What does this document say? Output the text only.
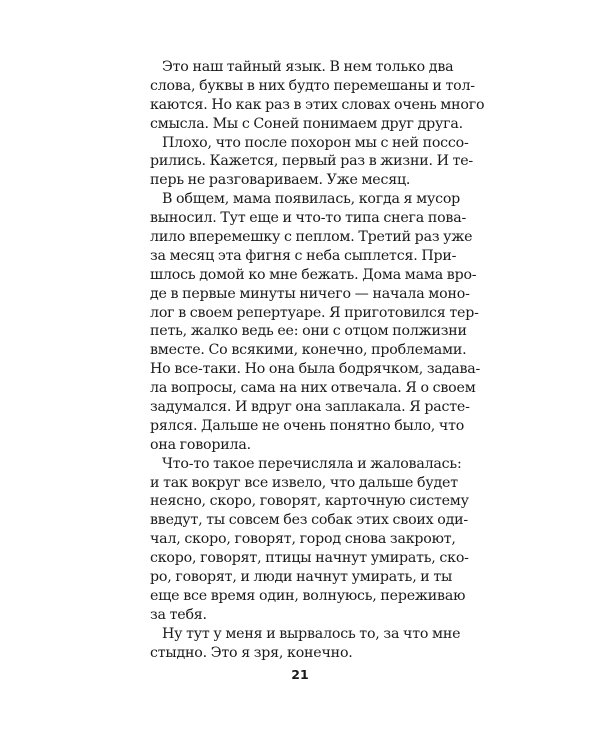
Это наш тайный язык. В нем только два
слова, буквы в них будто перемешаны и тол-
каются. Но как раз в этих словах очень много
смысла. Мы с Соней понимаем друг друга.
Плохо, что после похорон мы с ней поссо-
рились. Кажется, первый раз в жизни. И те-
перь не разговариваем. Уже месяц.
В общем, мама появилась, когда я мусор
выносил. Тут еще и что-то типа снега пова-
лило вперемешку с пеплом. Третий раз уже
за месяц эта фигня с неба сыплется. При-
шлось домой ко мне бежать. Дома мама вро-
де в первые минуты ничего — начала моно-
лог в своем репертуаре. Я приготовился тер-
петь, жалко ведь ее: они с отцом полжизни
вместе. Со всякими, конечно, проблемами.
Но все-таки. Но она была бодрячком, задава-
ла вопросы, сама на них отвечала. Я о своем
задумался. И вдруг она заплакала. Я расте-
рялся. Дальше не очень понятно было, что
она говорила.
Что-то такое перечисляла и жаловалась:
и так вокруг все извело, что дальше будет
неясно, скоро, говорят, карточную систему
введут, ты совсем без собак этих своих оди-
чал, скоро, говорят, город снова закроют,
скоро, говорят, птицы начнут умирать, ско-
ро, говорят, и люди начнут умирать, и ты
еще все время один, волнуюсь, переживаю
за тебя.
Ну тут у меня и вырвалось то, за что мне
стыдно. Это я зря, конечно.
21
